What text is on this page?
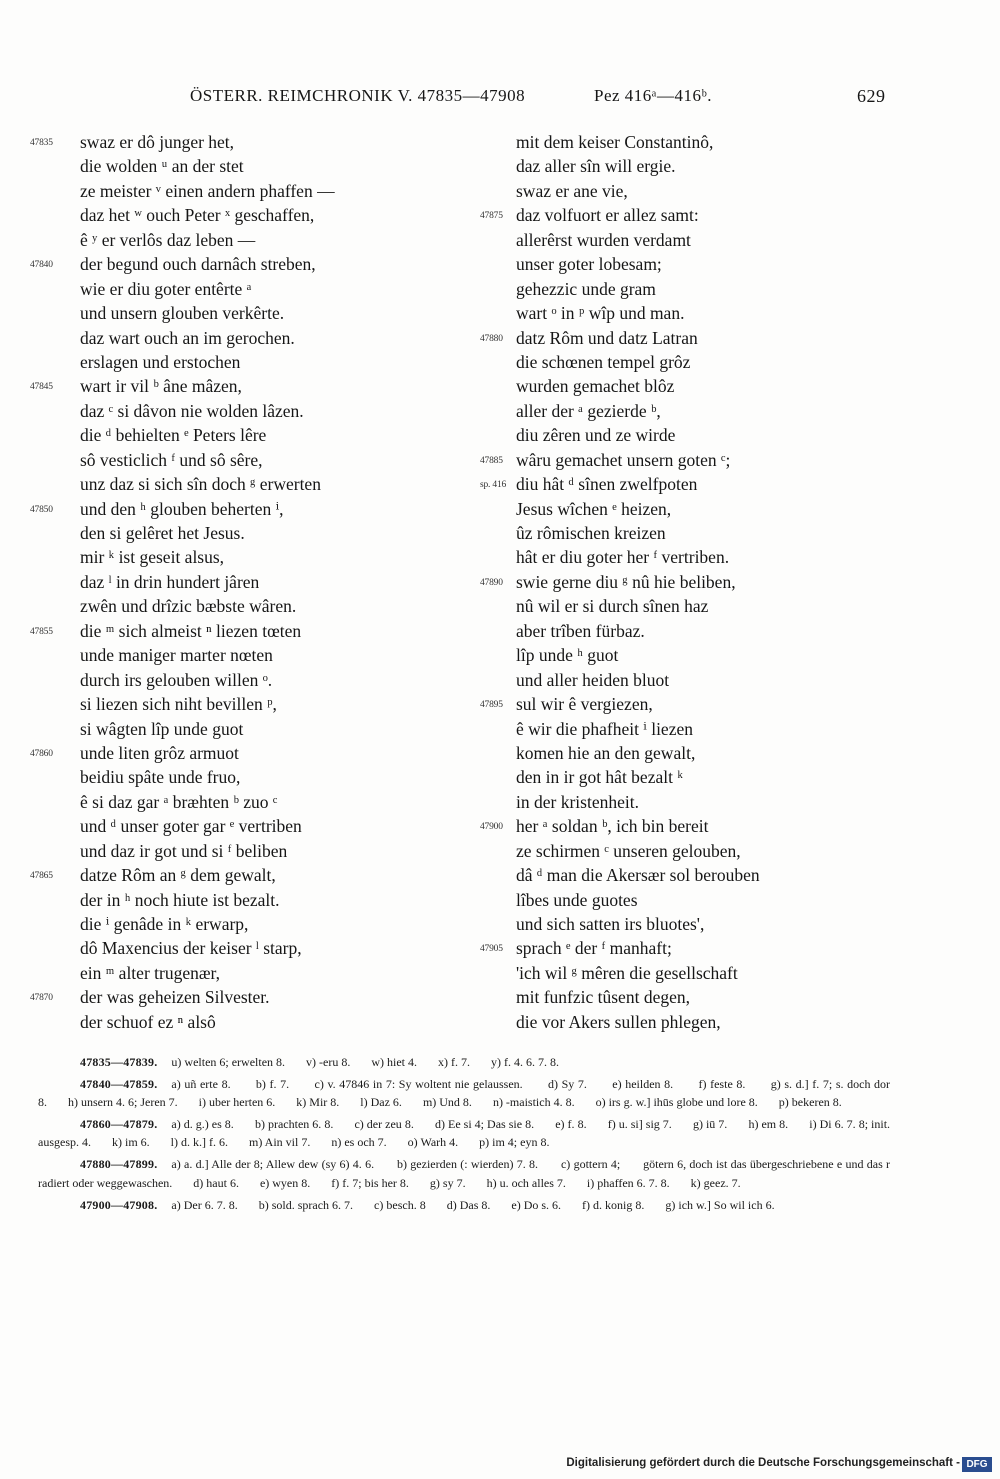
ÖSTERR. REIMCHRONIK V. 47835—47908	Pez 416ᵃ—416ᵇ.	629
47835 swaz er dô junger het,
die wolden ᵘ an der stet
ze meister ᵛ einen andern phaffen —
daz het ʷ ouch Peter ˣ geschaffen,
ê ʸ er verlôs daz leben —
47840 der begund ouch darnâch streben,
wie er diu goter entêrte ᵃ
und unsern glouben verkêrte.
daz wart ouch an im gerochen.
erslagen und erstochen
47845 wart ir vil ᵇ âne mâzen,
daz ᶜ si dâvon nie wolden lâzen.
die ᵈ behielten ᵉ Peters lêre
sô vesticlich ᶠ und sô sêre,
unz daz si sich sîn doch ᵍ erwerten
47850 und den ʰ glouben beherten ⁱ,
den si gelêret het Jesus.
mir ᵏ ist geseit alsus,
daz ˡ in drin hundert jâren
zwên und drîzic bæbste wâren.
47855 die ᵐ sich almeist ⁿ liezen tœten
unde maniger marter nœten
durch irs gelouben willen ᵒ.
si liezen sich niht bevillen ᵖ,
si wâgten lîp unde guot
47860 unde liten grôz armuot
beidiu spâte unde fruo,
ê si daz gar ᵃ bræhten ᵇ zuo ᶜ
und ᵈ unser goter gar ᵉ vertriben
und daz ir got und si ᶠ beliben
47865 datze Rôm an ᵍ dem gewalt,
der in ʰ noch hiute ist bezalt.
die ⁱ genâde in ᵏ erwarp,
dô Maxencius der keiser ˡ starp,
ein ᵐ alter trugenær,
47870 der was geheizen Silvester.
der schuof ez ⁿ alsô
mit dem keiser Constantinô,
daz aller sîn will ergie.
swaz er ane vie,
47875 daz volfuort er allez samt:
allerêrst wurden verdamt
unser goter lobesam;
gehezzic unde gram
wart ᵒ in ᵖ wîp und man.
47880 datz Rôm und datz Latran
die schœnen tempel grôz
wurden gemachet blôz
aller der ᵃ gezierde ᵇ,
diu zêren und ze wirde
47885 wâru gemachet unsern goten ᶜ;
sp. 416 diu hât ᵈ sînen zwelfpoten
Jesus wîchen ᵉ heizen,
ûz rômischen kreizen
hât er diu goter her ᶠ vertriben.
47890 swie gerne diu ᵍ nû hie beliben,
nû wil er si durch sînen haz
aber trîben fürbaz.
lîp unde ʰ guot
und aller heiden bluot
47895 sul wir ê vergiezen,
ê wir die phafheit ⁱ liezen
komen hie an den gewalt,
den in ir got hât bezalt ᵏ
in der kristenheit.
47900 her ᵃ soldan ᵇ, ich bin bereit
ze schirmen ᶜ unseren gelouben,
dâ ᵈ man die Akersær sol berouben
lîbes unde guotes
und sich satten irs bluotes',
47905 sprach ᵉ der ᶠ manhaft;
'ich wil ᵍ mêren die gesellschaft
mit funfzic tûsent degen,
die vor Akers sullen phlegen,
47835—47839. u) welten 6; erwelten 8. v) -eru 8. w) hiet 4. x) f. 7. y) f. 4. 6. 7. 8.
47840—47859. a) uñ erte 8. b) f. 7. c) v. 47846 in 7: Sy woltent nie gelaussen. d) Sy 7. e) heilden 8. f) feste 8. g) s. d.] f. 7; s. doch dor 8. h) unsern 4. 6; Jeren 7. i) uber herten 6. k) Mir 8. l) Daz 6. m) Und 8. n) -maistich 4. 8. o) irs g. w.] ihūs globe und lore 8. p) bekeren 8.
47860—47879. a) d. g.) es 8. b) prachten 6. 8. c) der zeu 8. d) Ee si 4; Das sie 8. e) f. 8. f) u. si] sig 7. g) iū 7. h) em 8. i) Di 6. 7. 8; init. ausgesp. 4. k) im 6. l) d. k.] f. 6. m) Ain vil 7. n) es och 7. o) Warh 4. p) im 4; eyn 8.
47880—47899. a) a. d.] Alle der 8; Allew dew (sy 6) 4. 6. b) gezierden (: wierden) 7. 8. c) gottern 4; götern 6, doch ist das übergeschriebene e und das r radiert oder weggewaschen. d) haut 6. e) wyen 8. f) f. 7; bis her 8. g) sy 7. h) u. och alles 7. i) phaffen 6. 7. 8. k) geez. 7.
47900—47908. a) Der 6. 7. 8. b) sold. sprach 6. 7. c) besch. 8 d) Das 8. e) Do s. 6. f) d. konig 8. g) ich w.] So wil ich 6.
Digitalisierung gefördert durch die Deutsche Forschungsgemeinschaft - DFG
